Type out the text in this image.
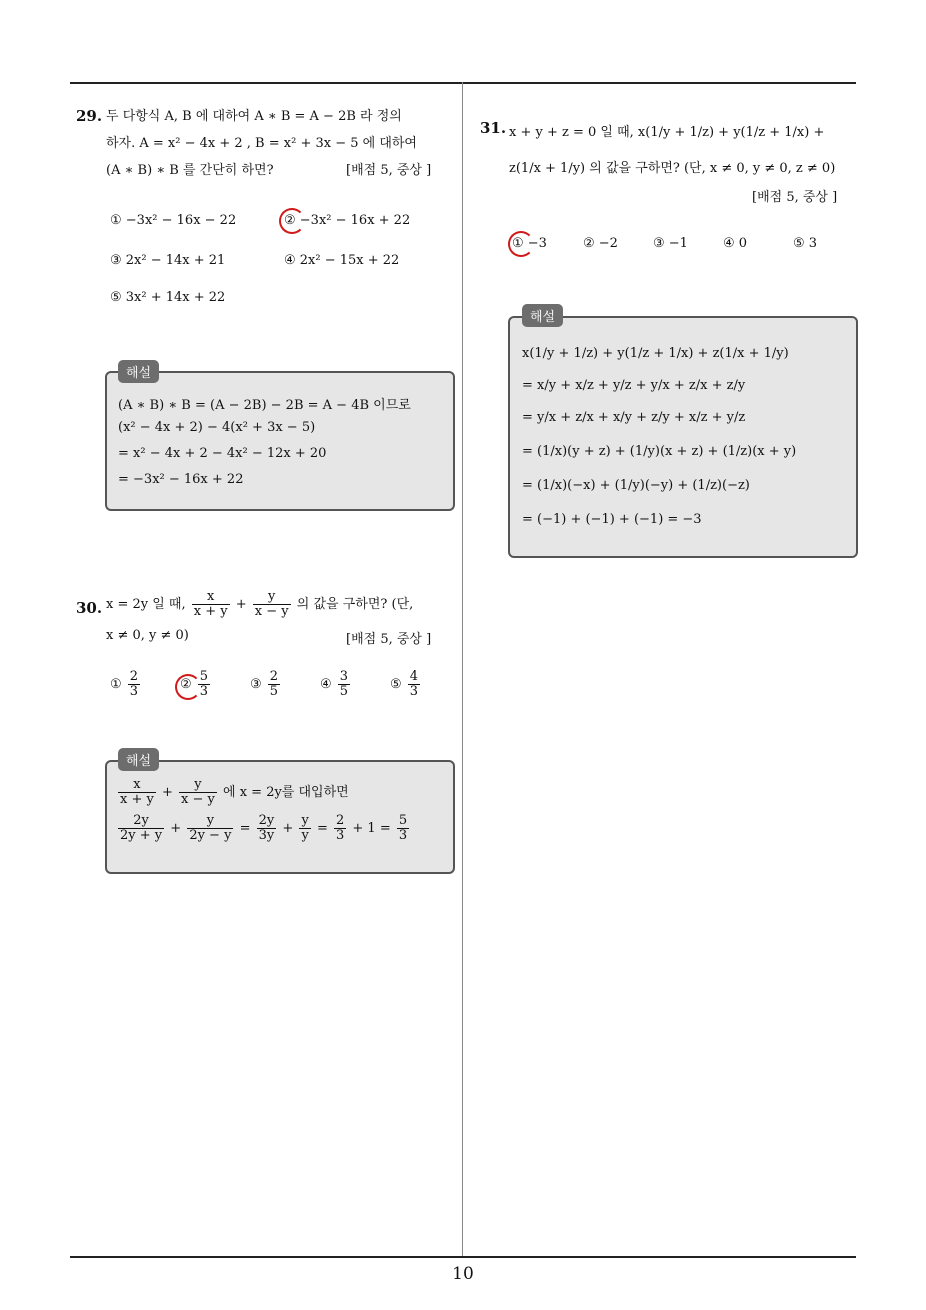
29. 두 다항식 A, B 에 대하여 A ∗ B = A − 2B 라 정의
하자. A = x² − 4x + 2 , B = x² + 3x − 5 에 대하여
(A ∗ B) ∗ B 를 간단히 하면?	[배점 5, 중상 ]
① −3x² − 16x − 22	② −3x² − 16x + 22
③ 2x² − 14x + 21	④ 2x² − 15x + 22
⑤ 3x² + 14x + 22
해설
(A ∗ B) ∗ B = (A − 2B) − 2B = A − 4B 이므로
(x² − 4x + 2) − 4(x² + 3x − 5)
= x² − 4x + 2 − 4x² − 12x + 20
= −3x² − 16x + 22
30. x = 2y 일 때, $\frac{x}{x + y} + \frac{y}{x - y}$ 의 값을 구하면? (단,
x ≠ 0, y ≠ 0)	[배점 5, 중상 ]
① $\frac{2}{3}$	② $\frac{5}{3}$	③ $\frac{2}{5}$	④ $\frac{3}{5}$	⑤ $\frac{4}{3}$
해설
$\frac{x}{x + y} + \frac{y}{x - y}$ 에 x = 2y를 대입하면
$\frac{2y}{2y + y} + \frac{y}{2y - y} = \frac{2y}{3y} + \frac{y}{y} = \frac{2}{3} + 1 = \frac{5}{3}$
31. x + y + z = 0 일 때, x(1/y + 1/z) + y(1/z + 1/x) +
z(1/x + 1/y) 의 값을 구하면? (단, x ≠ 0, y ≠ 0, z ≠ 0)
[배점 5, 중상 ]
① −3	② −2	③ −1	④ 0	⑤ 3
해설
x(1/y + 1/z) + y(1/z + 1/x) + z(1/x + 1/y)
= x/y + x/z + y/z + y/x + z/x + z/y
= y/x + z/x + x/y + z/y + x/z + y/z
= (1/x)(y + z) + (1/y)(x + z) + (1/z)(x + y)
= (1/x)(−x) + (1/y)(−y) + (1/z)(−z)
= (−1) + (−1) + (−1) = −3
10
